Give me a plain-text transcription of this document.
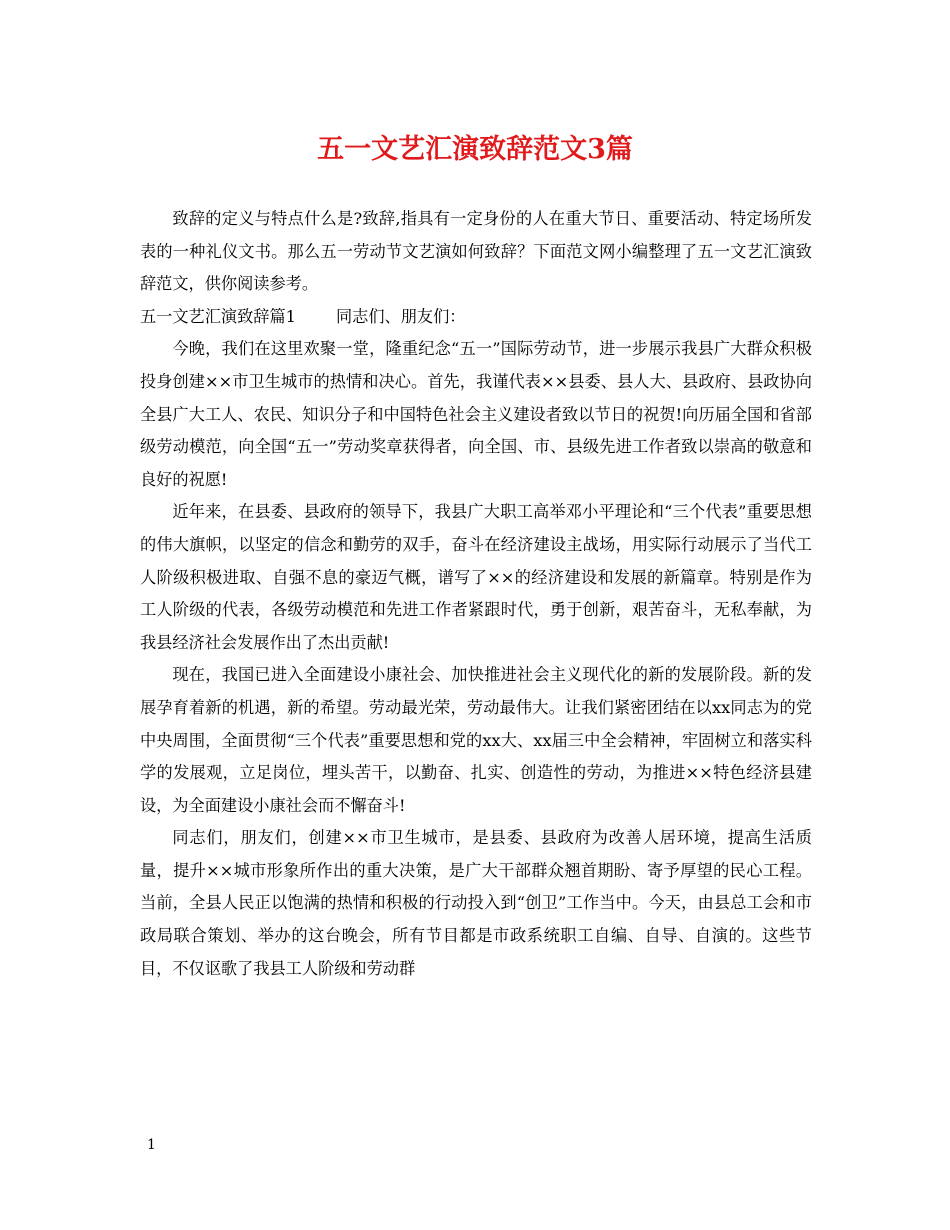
五一文艺汇演致辞范文3篇

致辞的定义与特点什么是?致辞,指具有一定身份的人在重大节日、重要活动、特定场所发表的一种礼仪文书。那么五一劳动节文艺演如何致辞？下面范文网小编整理了五一文艺汇演致辞范文，供你阅读参考。

五一文艺汇演致辞篇1 同志们、朋友们：

今晚，我们在这里欢聚一堂，隆重纪念“五一”国际劳动节，进一步展示我县广大群众积极投身创建××市卫生城市的热情和决心。首先，我谨代表××县委、县人大、县政府、县政协向全县广大工人、农民、知识分子和中国特色社会主义建设者致以节日的祝贺!向历届全国和省部级劳动模范，向全国“五一”劳动奖章获得者，向全国、市、县级先进工作者致以崇高的敬意和良好的祝愿!

近年来，在县委、县政府的领导下，我县广大职工高举邓小平理论和“三个代表”重要思想的伟大旗帜，以坚定的信念和勤劳的双手，奋斗在经济建设主战场，用实际行动展示了当代工人阶级积极进取、自强不息的豪迈气概，谱写了××的经济建设和发展的新篇章。特别是作为工人阶级的代表，各级劳动模范和先进工作者紧跟时代，勇于创新，艰苦奋斗，无私奉献，为我县经济社会发展作出了杰出贡献!

现在，我国已进入全面建设小康社会、加快推进社会主义现代化的新的发展阶段。新的发展孕育着新的机遇，新的希望。劳动最光荣，劳动最伟大。让我们紧密团结在以xx同志为的党中央周围，全面贯彻“三个代表”重要思想和党的xx大、xx届三中全会精神，牢固树立和落实科学的发展观，立足岗位，埋头苦干，以勤奋、扎实、创造性的劳动，为推进××特色经济县建设，为全面建设小康社会而不懈奋斗!

同志们，朋友们，创建××市卫生城市，是县委、县政府为改善人居环境，提高生活质量，提升××城市形象所作出的重大决策，是广大干部群众翘首期盼、寄予厚望的民心工程。当前，全县人民正以饱满的热情和积极的行动投入到“创卫”工作当中。今天，由县总工会和市政局联合策划、举办的这台晚会，所有节目都是市政系统职工自编、自导、自演的。这些节目，不仅讴歌了我县工人阶级和劳动群

1
